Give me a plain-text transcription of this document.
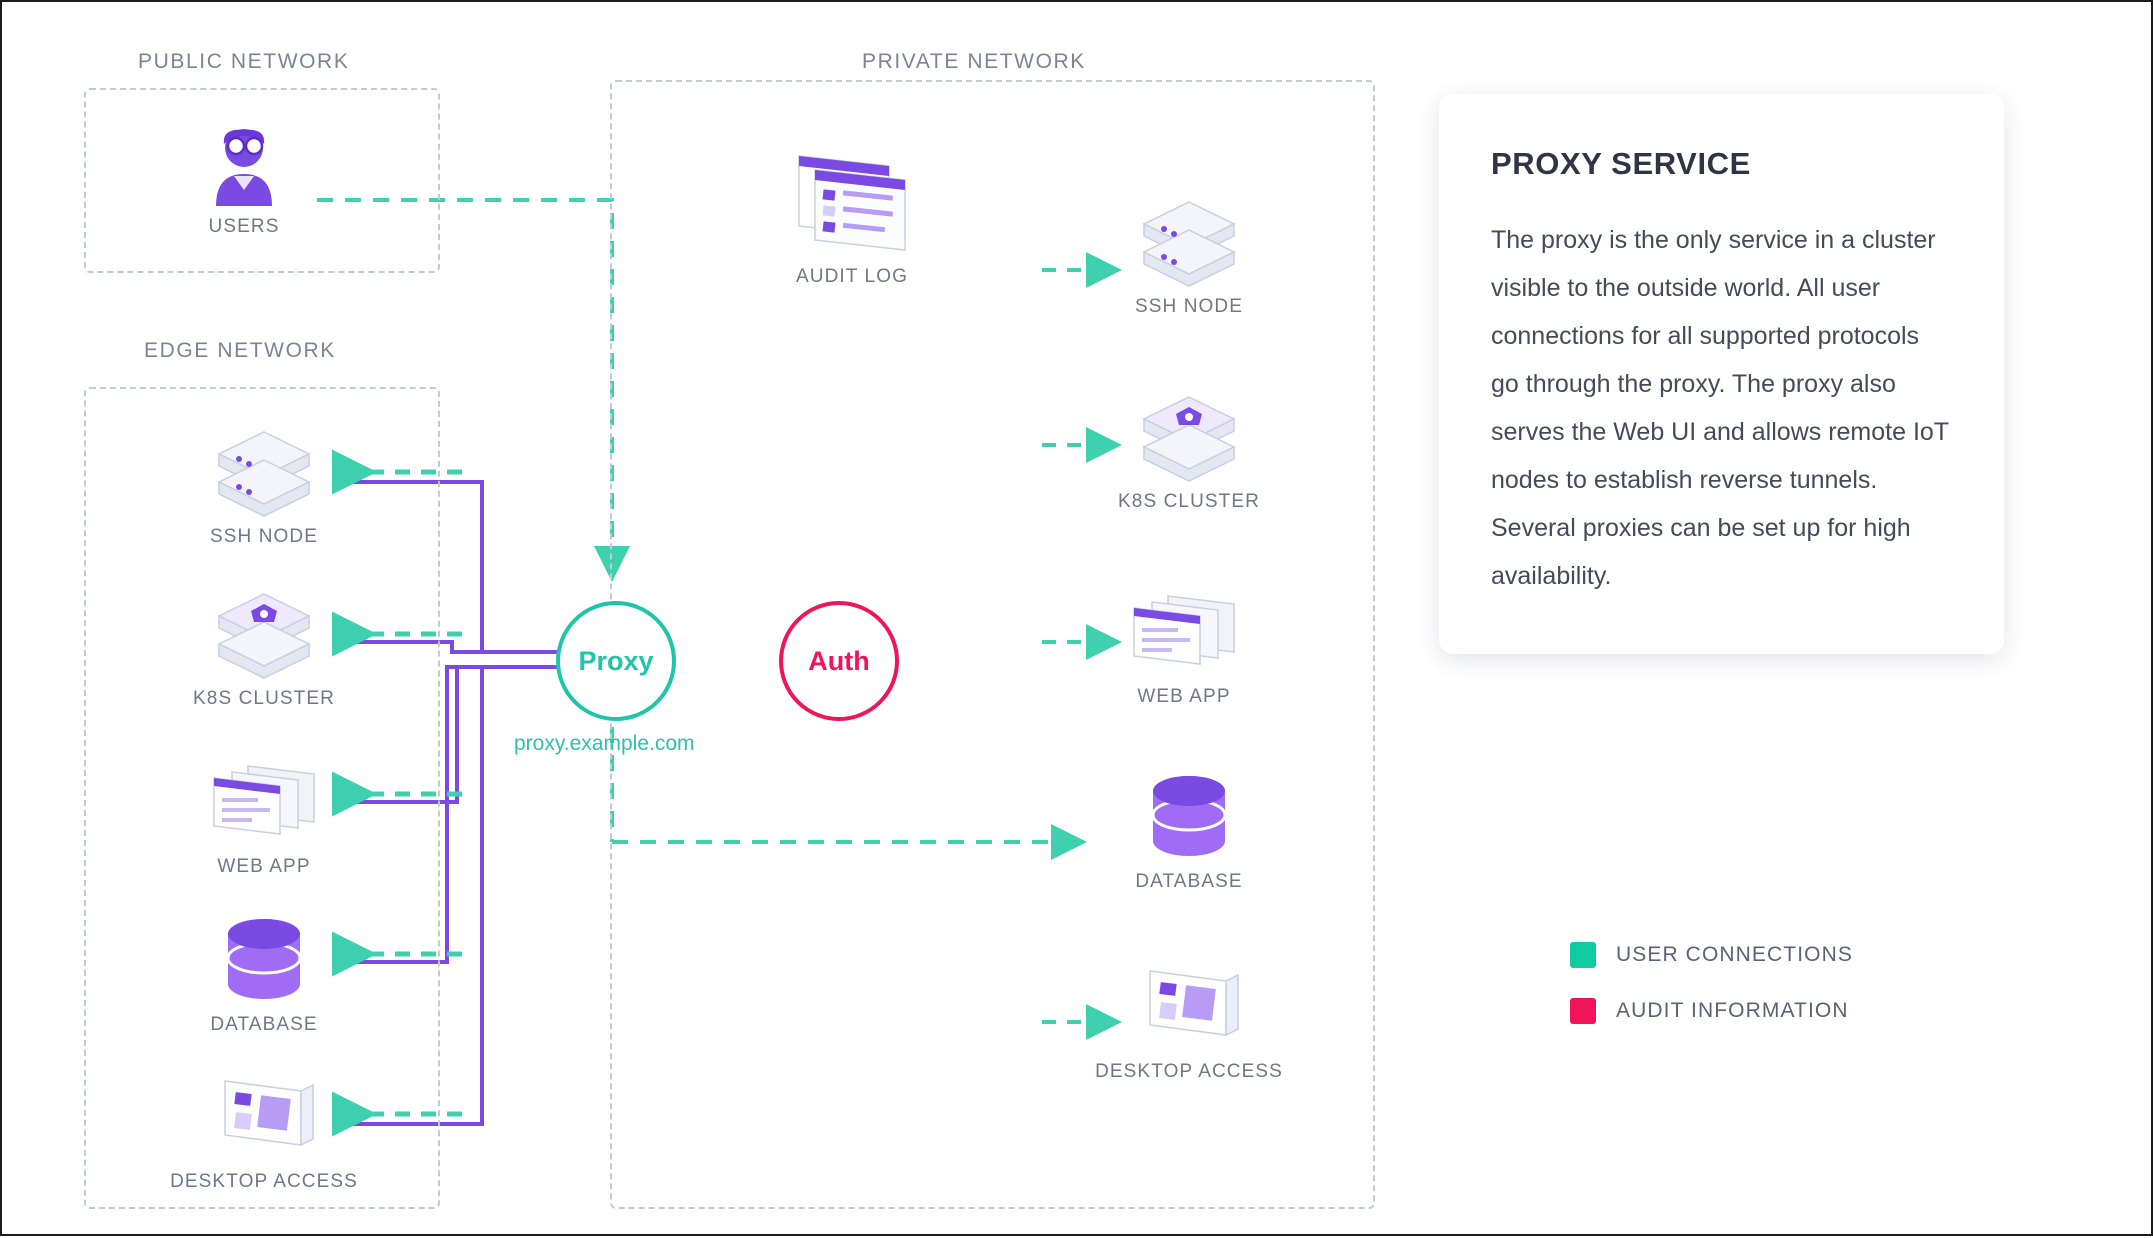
PUBLIC NETWORK	PRIVATE NETWORK
EDGE NETWORK
USERS
SSH NODE
K8S CLUSTER
WEB APP
DATABASE
DESKTOP ACCESS
AUDIT LOG
Proxy
proxy.example.com
Auth
SSH NODE
K8S CLUSTER
WEB APP
DATABASE
DESKTOP ACCESS
PROXY SERVICE

The proxy is the only service in a cluster visible to the outside world. All user connections for all supported protocols go through the proxy. The proxy also serves the Web UI and allows remote IoT nodes to establish reverse tunnels. Several proxies can be set up for high availability.

USER CONNECTIONS
AUDIT INFORMATION
